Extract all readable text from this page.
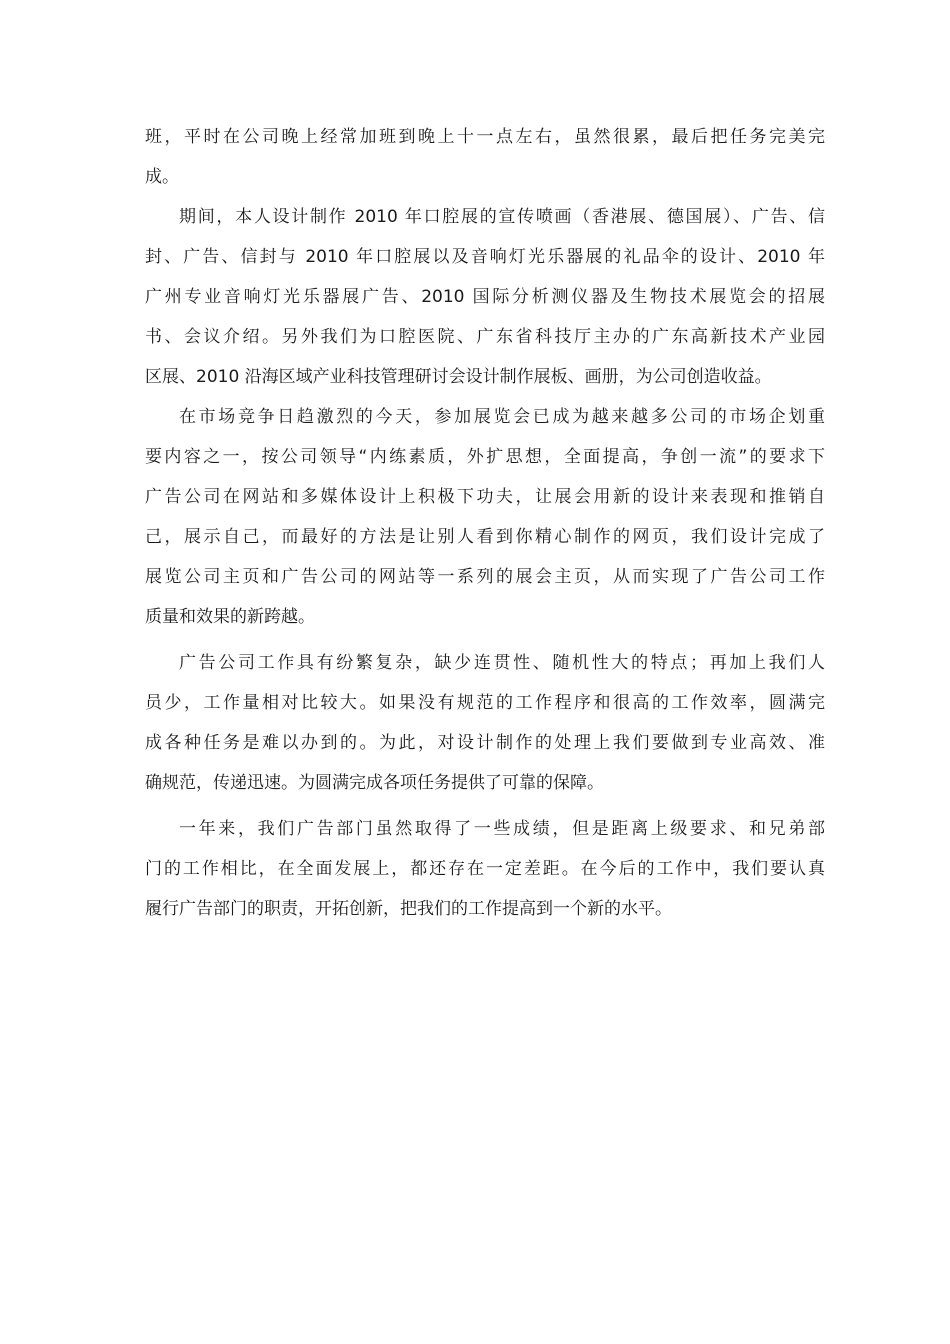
班，平时在公司晚上经常加班到晚上十一点左右，虽然很累，最后把任务完美完
成。
期间，本人设计制作 2010 年口腔展的宣传喷画（香港展、德国展）、广告、信
封、广告、信封与 2010 年口腔展以及音响灯光乐器展的礼品伞的设计、2010 年
广州专业音响灯光乐器展广告、2010 国际分析测仪器及生物技术展览会的招展
书、会议介绍。另外我们为口腔医院、广东省科技厅主办的广东高新技术产业园
区展、2010 沿海区域产业科技管理研讨会设计制作展板、画册，为公司创造收益。
在市场竞争日趋激烈的今天，参加展览会已成为越来越多公司的市场企划重
要内容之一，按公司领导“内练素质，外扩思想，全面提高，争创一流”的要求下
广告公司在网站和多媒体设计上积极下功夫，让展会用新的设计来表现和推销自
己，展示自己，而最好的方法是让别人看到你精心制作的网页，我们设计完成了
展览公司主页和广告公司的网站等一系列的展会主页，从而实现了广告公司工作
质量和效果的新跨越。
广告公司工作具有纷繁复杂，缺少连贯性、随机性大的特点；再加上我们人
员少，工作量相对比较大。如果没有规范的工作程序和很高的工作效率，圆满完
成各种任务是难以办到的。为此，对设计制作的处理上我们要做到专业高效、准
确规范，传递迅速。为圆满完成各项任务提供了可靠的保障。
一年来，我们广告部门虽然取得了一些成绩，但是距离上级要求、和兄弟部
门的工作相比，在全面发展上，都还存在一定差距。在今后的工作中，我们要认真
履行广告部门的职责，开拓创新，把我们的工作提高到一个新的水平。
